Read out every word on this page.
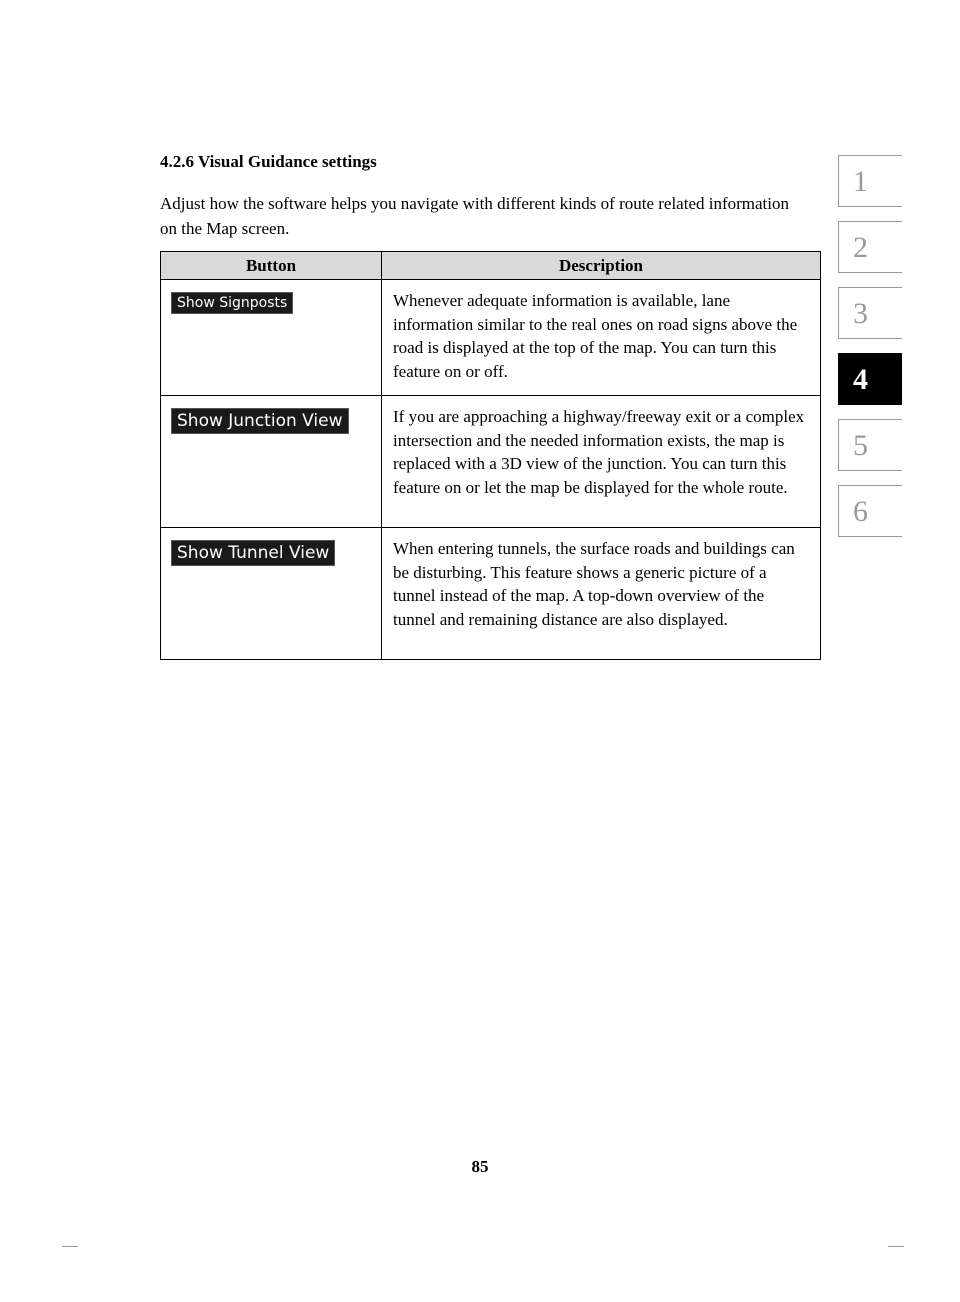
4.2.6 Visual Guidance settings

Adjust how the software helps you navigate with different kinds of route related information on the Map screen.

Button	Description
Show Signposts	Whenever adequate information is available, lane information similar to the real ones on road signs above the road is displayed at the top of the map. You can turn this feature on or off.
Show Junction View	If you are approaching a highway/freeway exit or a complex intersection and the needed information exists, the map is replaced with a 3D view of the junction. You can turn this feature on or let the map be displayed for the whole route.
Show Tunnel View	When entering tunnels, the surface roads and buildings can be disturbing. This feature shows a generic picture of a tunnel instead of the map. A top-down overview of the tunnel and remaining distance are also displayed.
1
2
3
4
5
6
85
